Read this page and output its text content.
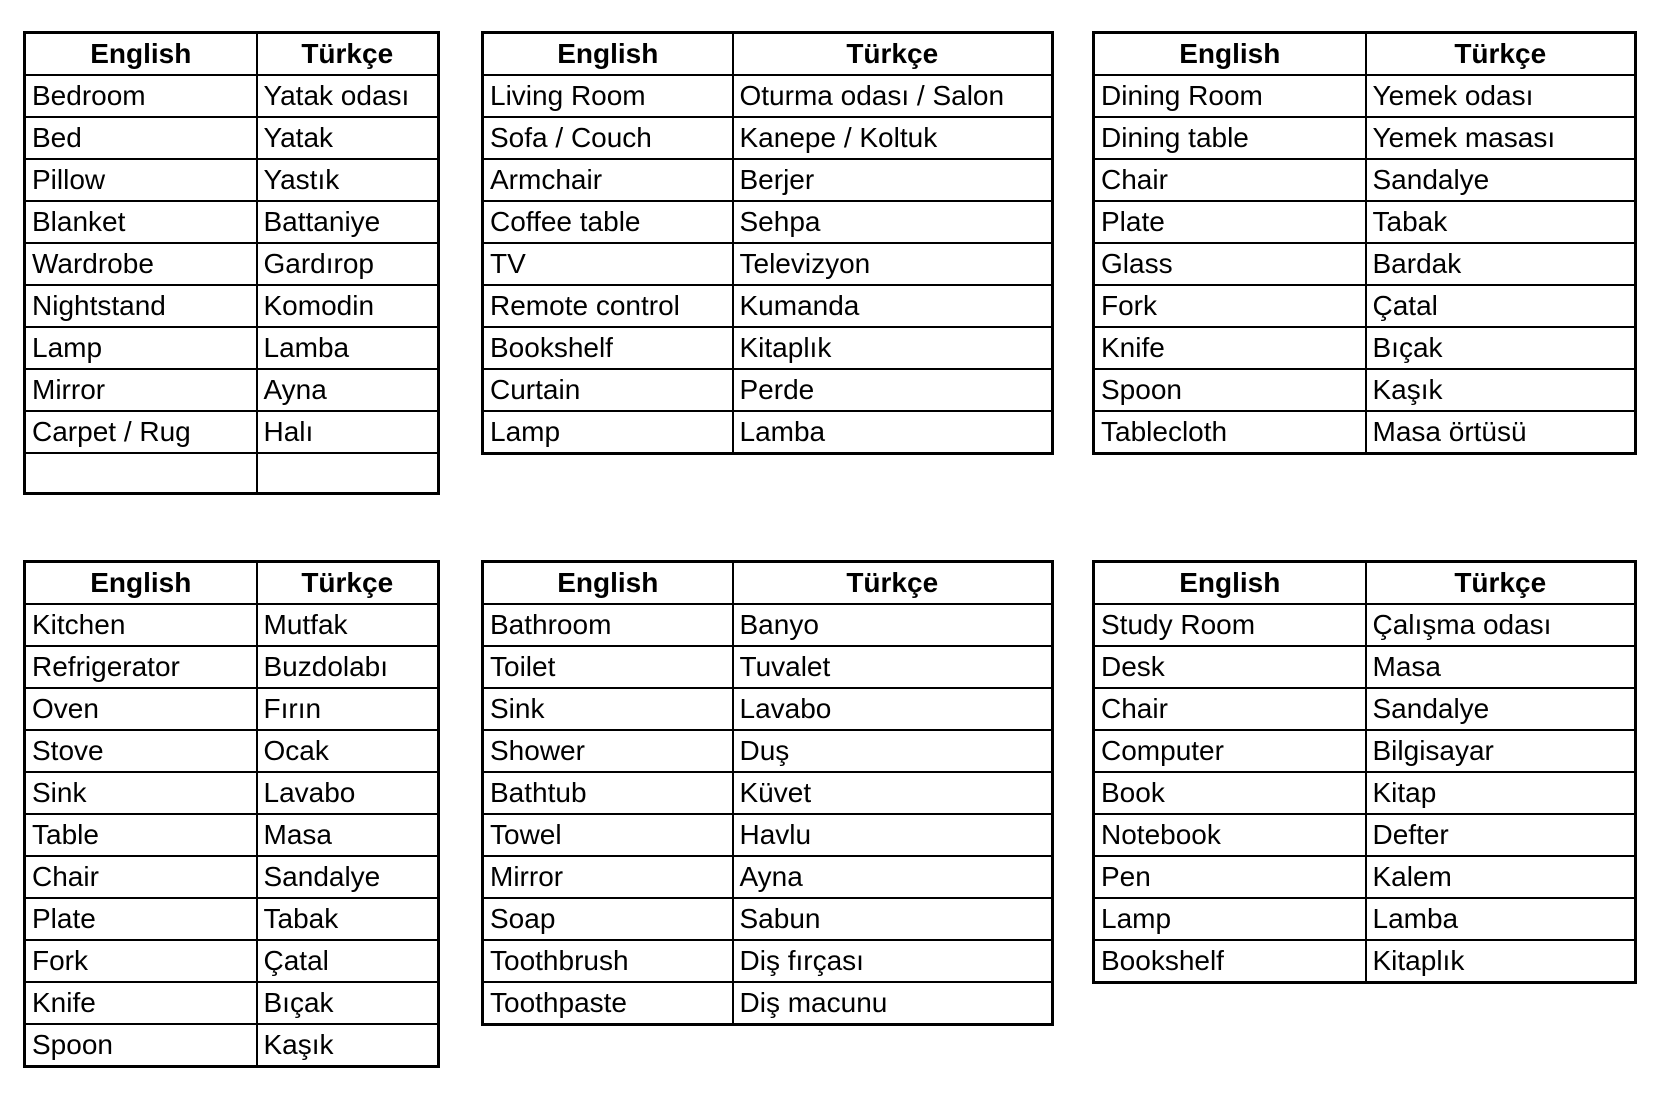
English	Türkçe
Bedroom	Yatak odası
Bed	Yatak
Pillow	Yastık
Blanket	Battaniye
Wardrobe	Gardırop
Nightstand	Komodin
Lamp	Lamba
Mirror	Ayna
Carpet / Rug	Halı

English	Türkçe
Living Room	Oturma odası / Salon
Sofa / Couch	Kanepe / Koltuk
Armchair	Berjer
Coffee table	Sehpa
TV	Televizyon
Remote control	Kumanda
Bookshelf	Kitaplık
Curtain	Perde
Lamp	Lamba
English	Türkçe
Dining Room	Yemek odası
Dining table	Yemek masası
Chair	Sandalye
Plate	Tabak
Glass	Bardak
Fork	Çatal
Knife	Bıçak
Spoon	Kaşık
Tablecloth	Masa örtüsü
English	Türkçe
Kitchen	Mutfak
Refrigerator	Buzdolabı
Oven	Fırın
Stove	Ocak
Sink	Lavabo
Table	Masa
Chair	Sandalye
Plate	Tabak
Fork	Çatal
Knife	Bıçak
Spoon	Kaşık
English	Türkçe
Bathroom	Banyo
Toilet	Tuvalet
Sink	Lavabo
Shower	Duş
Bathtub	Küvet
Towel	Havlu
Mirror	Ayna
Soap	Sabun
Toothbrush	Diş fırçası
Toothpaste	Diş macunu
English	Türkçe
Study Room	Çalışma odası
Desk	Masa
Chair	Sandalye
Computer	Bilgisayar
Book	Kitap
Notebook	Defter
Pen	Kalem
Lamp	Lamba
Bookshelf	Kitaplık
